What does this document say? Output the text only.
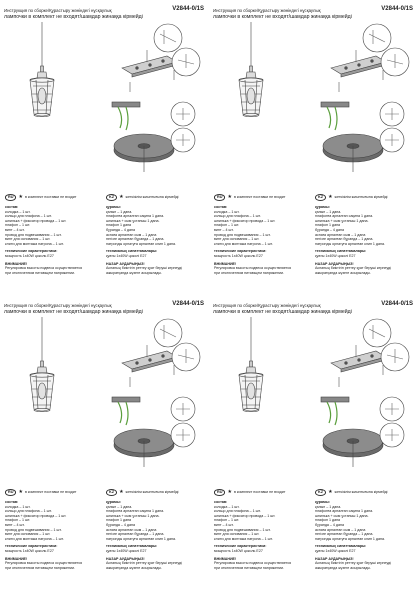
Инструкция по сборке/Құрастыру жөніндегі нұсқаулық	V2844-0/1S
лампочки в комплект не входят/шамдар жинаққа кірмейді
RU	★ в комплект поставки не входит	KZ	★ жеткізілім жиынтығына кірмейді
состав:
колодка – 1 шт.
кольцо для плафона – 1 шт.
шпилька + фиксатор провода – 1 шт.
плафон – 1 шт.
винт – 4 шт.
провод для подвешивания – 1 шт.
винт для основания – 1 шт.
клинч для монтажа патрона – 1 шт.
технические характеристики:
мощность 1x40W цоколь E27
ВНИМАНИЕ!
Регулировка высоты подвеса осуществляется
при отключенном питающем напряжении.
құрамы:
қалып – 1 дана.
плафонға арналған сақина 1 дана.
шпилька + сым ұстағыш 1 дана.
плафон 1 дана
бұранда – 4 дана
аспаға арналған сым – 1 дана
негізге арналған бұранда – 1 дана.
патронды орнатуға арналған клин 1 дана.
техникалық сипаттамалары:
қуаты 1x40W цоколі E27
НАЗАР АУДАРЫҢЫЗ!
Аспаның биіктігін реттеу қуат беруші кернеуді
ажыратқанда жүзеге асырылады.
Инструкция по сборке/Құрастыру жөніндегі нұсқаулық	V2844-0/1S
лампочки в комплект не входят/шамдар жинаққа кірмейді
RU	★ в комплект поставки не входит	KZ	★ жеткізілім жиынтығына кірмейді
состав:
колодка – 1 шт.
кольцо для плафона – 1 шт.
шпилька + фиксатор провода – 1 шт.
плафон – 1 шт.
винт – 4 шт.
провод для подвешивания – 1 шт.
винт для основания – 1 шт.
клинч для монтажа патрона – 1 шт.
технические характеристики:
мощность 1x40W цоколь E27
ВНИМАНИЕ!
Регулировка высоты подвеса осуществляется
при отключенном питающем напряжении.
құрамы:
қалып – 1 дана.
плафонға арналған сақина 1 дана.
шпилька + сым ұстағыш 1 дана.
плафон 1 дана
бұранда – 4 дана
аспаға арналған сым – 1 дана
негізге арналған бұранда – 1 дана.
патронды орнатуға арналған клин 1 дана.
техникалық сипаттамалары:
қуаты 1x40W цоколі E27
НАЗАР АУДАРЫҢЫЗ!
Аспаның биіктігін реттеу қуат беруші кернеуді
ажыратқанда жүзеге асырылады.
Инструкция по сборке/Құрастыру жөніндегі нұсқаулық	V2844-0/1S
лампочки в комплект не входят/шамдар жинаққа кірмейді
RU	★ в комплект поставки не входит	KZ	★ жеткізілім жиынтығына кірмейді
состав:
колодка – 1 шт.
кольцо для плафона – 1 шт.
шпилька + фиксатор провода – 1 шт.
плафон – 1 шт.
винт – 4 шт.
провод для подвешивания – 1 шт.
винт для основания – 1 шт.
клинч для монтажа патрона – 1 шт.
технические характеристики:
мощность 1x40W цоколь E27
ВНИМАНИЕ!
Регулировка высоты подвеса осуществляется
при отключенном питающем напряжении.
құрамы:
қалып – 1 дана.
плафонға арналған сақина 1 дана.
шпилька + сым ұстағыш 1 дана.
плафон 1 дана
бұранда – 4 дана
аспаға арналған сым – 1 дана
негізге арналған бұранда – 1 дана.
патронды орнатуға арналған клин 1 дана.
техникалық сипаттамалары:
қуаты 1x40W цоколі E27
НАЗАР АУДАРЫҢЫЗ!
Аспаның биіктігін реттеу қуат беруші кернеуді
ажыратқанда жүзеге асырылады.
Инструкция по сборке/Құрастыру жөніндегі нұсқаулық	V2844-0/1S
лампочки в комплект не входят/шамдар жинаққа кірмейді
RU	★ в комплект поставки не входит	KZ	★ жеткізілім жиынтығына кірмейді
состав:
колодка – 1 шт.
кольцо для плафона – 1 шт.
шпилька + фиксатор провода – 1 шт.
плафон – 1 шт.
винт – 4 шт.
провод для подвешивания – 1 шт.
винт для основания – 1 шт.
клинч для монтажа патрона – 1 шт.
технические характеристики:
мощность 1x40W цоколь E27
ВНИМАНИЕ!
Регулировка высоты подвеса осуществляется
при отключенном питающем напряжении.
құрамы:
қалып – 1 дана.
плафонға арналған сақина 1 дана.
шпилька + сым ұстағыш 1 дана.
плафон 1 дана
бұранда – 4 дана
аспаға арналған сым – 1 дана
негізге арналған бұранда – 1 дана.
патронды орнатуға арналған клин 1 дана.
техникалық сипаттамалары:
қуаты 1x40W цоколі E27
НАЗАР АУДАРЫҢЫЗ!
Аспаның биіктігін реттеу қуат беруші кернеуді
ажыратқанда жүзеге асырылады.
